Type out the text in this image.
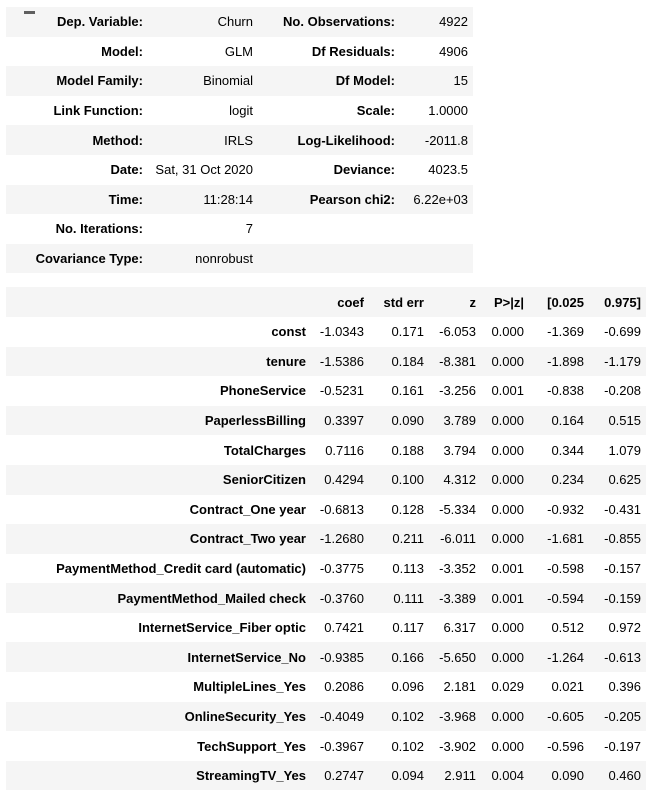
Dep. Variable:	Churn	No. Observations:	4922
Model:	GLM	Df Residuals:	4906
Model Family:	Binomial	Df Model:	15
Link Function:	logit	Scale:	1.0000
Method:	IRLS	Log-Likelihood:	-2011.8
Date:	Sat, 31 Oct 2020	Deviance:	4023.5
Time:	11:28:14	Pearson chi2:	6.22e+03
No. Iterations:	7		
Covariance Type:	nonrobust		
	coef	std err	z	P>|z|	[0.025	0.975]
const	-1.0343	0.171	-6.053	0.000	-1.369	-0.699
tenure	-1.5386	0.184	-8.381	0.000	-1.898	-1.179
PhoneService	-0.5231	0.161	-3.256	0.001	-0.838	-0.208
PaperlessBilling	0.3397	0.090	3.789	0.000	0.164	0.515
TotalCharges	0.7116	0.188	3.794	0.000	0.344	1.079
SeniorCitizen	0.4294	0.100	4.312	0.000	0.234	0.625
Contract_One year	-0.6813	0.128	-5.334	0.000	-0.932	-0.431
Contract_Two year	-1.2680	0.211	-6.011	0.000	-1.681	-0.855
PaymentMethod_Credit card (automatic)	-0.3775	0.113	-3.352	0.001	-0.598	-0.157
PaymentMethod_Mailed check	-0.3760	0.111	-3.389	0.001	-0.594	-0.159
InternetService_Fiber optic	0.7421	0.117	6.317	0.000	0.512	0.972
InternetService_No	-0.9385	0.166	-5.650	0.000	-1.264	-0.613
MultipleLines_Yes	0.2086	0.096	2.181	0.029	0.021	0.396
OnlineSecurity_Yes	-0.4049	0.102	-3.968	0.000	-0.605	-0.205
TechSupport_Yes	-0.3967	0.102	-3.902	0.000	-0.596	-0.197
StreamingTV_Yes	0.2747	0.094	2.911	0.004	0.090	0.460
